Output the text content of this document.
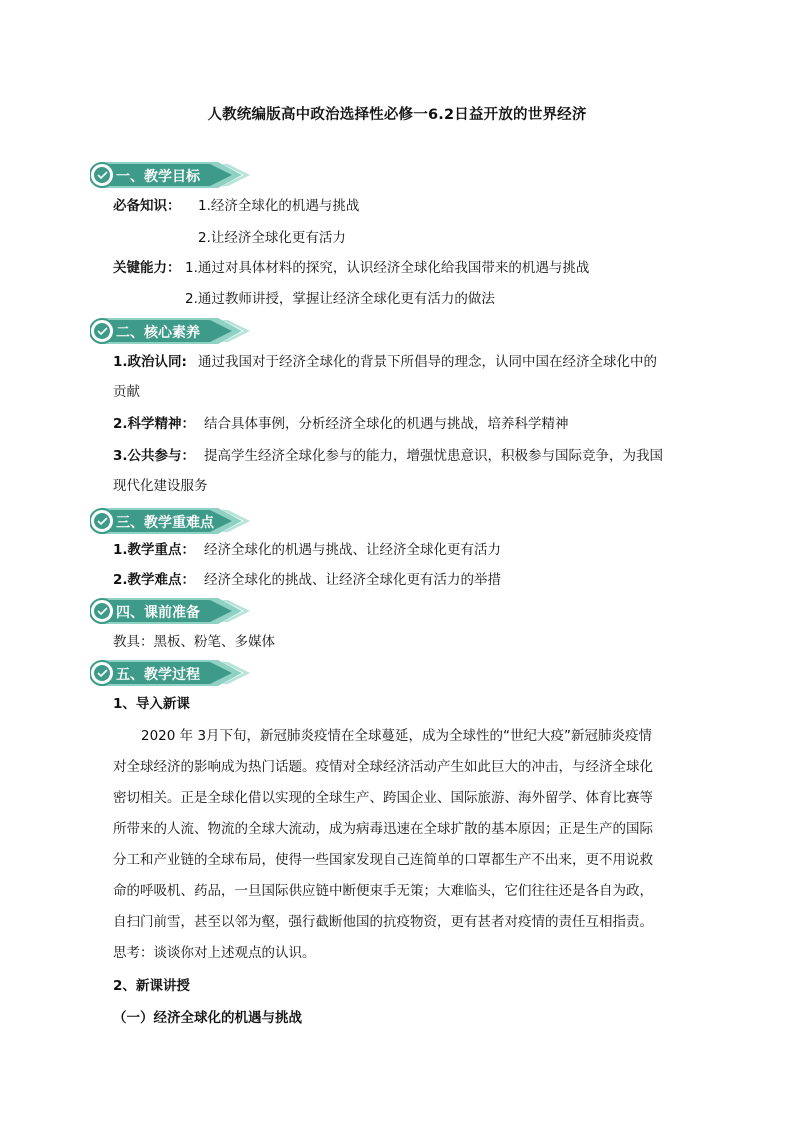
人教统编版高中政治选择性必修一6.2日益开放的世界经济
一、教学目标
必备知识： 1.经济全球化的机遇与挑战
2.让经济全球化更有活力
关键能力： 1.通过对具体材料的探究，认识经济全球化给我国带来的机遇与挑战
2.通过教师讲授，掌握让经济全球化更有活力的做法
二、核心素养
1.政治认同: 通过我国对于经济全球化的背景下所倡导的理念，认同中国在经济全球化中的
贡献
2.科学精神： 结合具体事例，分析经济全球化的机遇与挑战，培养科学精神
3.公共参与： 提高学生经济全球化参与的能力，增强忧患意识，积极参与国际竞争，为我国
现代化建设服务
三、教学重难点
1.教学重点： 经济全球化的机遇与挑战、让经济全球化更有活力
2.教学难点： 经济全球化的挑战、让经济全球化更有活力的举措
四、课前准备
教具：黑板、粉笔、多媒体
五、教学过程
1、导入新课
2020 年 3月下旬，新冠肺炎疫情在全球蔓延，成为全球性的“世纪大疫”新冠肺炎疫情
对全球经济的影响成为热门话题。疫情对全球经济活动产生如此巨大的冲击，与经济全球化
密切相关。正是全球化借以实现的全球生产、跨国企业、国际旅游、海外留学、体育比赛等
所带来的人流、物流的全球大流动，成为病毒迅速在全球扩散的基本原因；正是生产的国际
分工和产业链的全球布局，使得一些国家发现自己连简单的口罩都生产不出来，更不用说救
命的呼吸机、药品，一旦国际供应链中断便束手无策；大难临头，它们往往还是各自为政，
自扫门前雪，甚至以邻为壑，强行截断他国的抗疫物资，更有甚者对疫情的责任互相指责。
思考：谈谈你对上述观点的认识。
2、新课讲授
（一）经济全球化的机遇与挑战
